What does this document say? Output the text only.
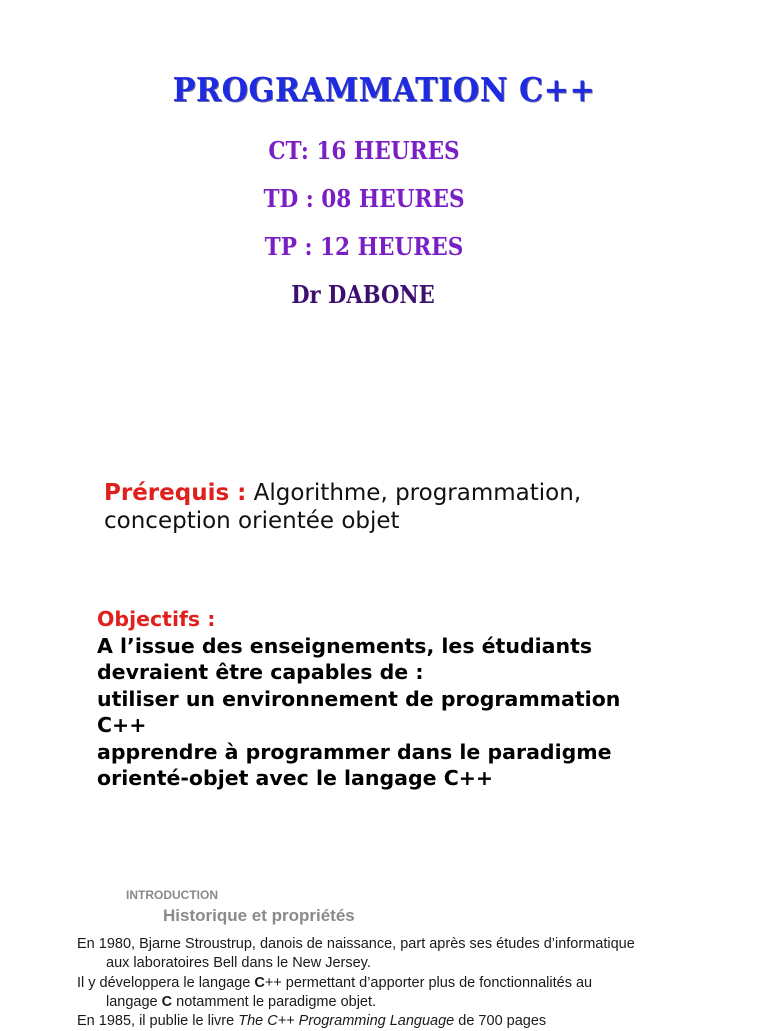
PROGRAMMATION C++
CT: 16 HEURES
TD : 08 HEURES
TP : 12 HEURES
Dr DABONE
Prérequis : Algorithme, programmation,
conception orientée objet
Objectifs :
A l’issue des enseignements, les étudiants
devraient être capables de :
utiliser un environnement de programmation
C++
apprendre à programmer dans le paradigme
orienté-objet avec le langage C++
INTRODUCTION
Historique et propriétés
En 1980, Bjarne Stroustrup, danois de naissance, part après ses études d’informatique
aux laboratoires Bell dans le New Jersey.
Il y développera le langage C++ permettant d’apporter plus de fonctionnalités au
langage C notamment le paradigme objet.
En 1985, il publie le livre The C++ Programming Language de 700 pages
